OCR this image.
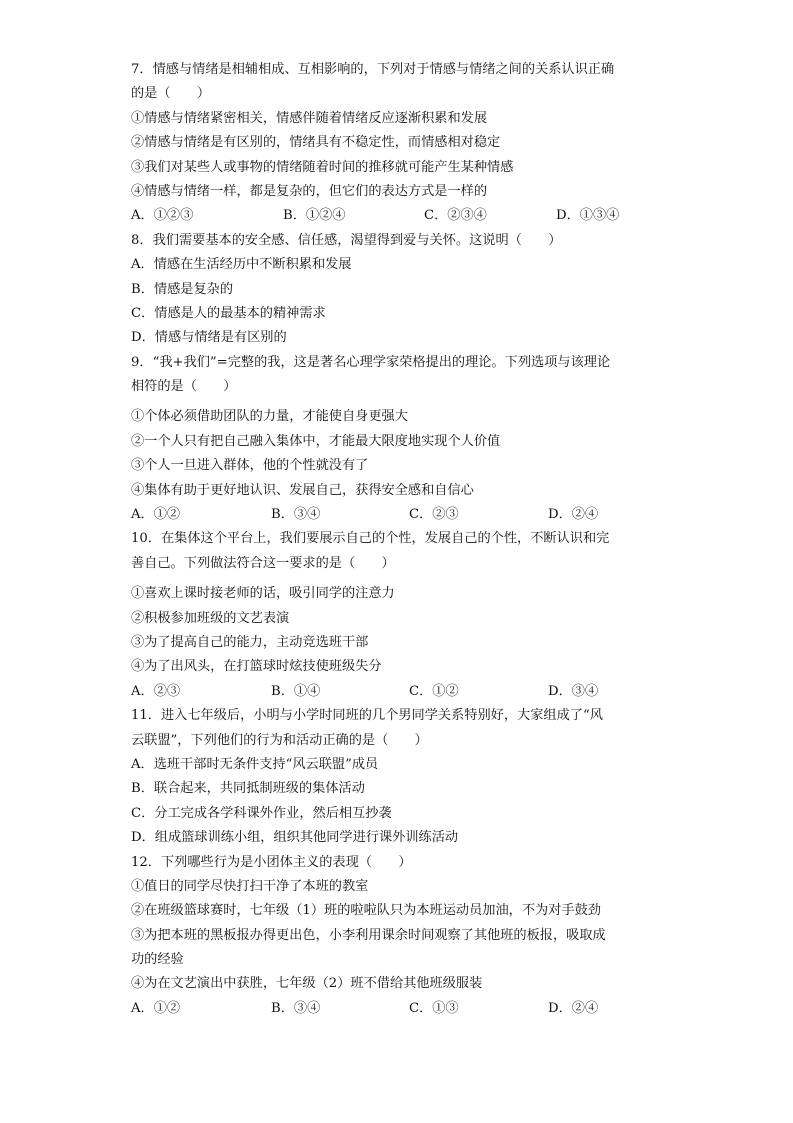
7．情感与情绪是相辅相成、互相影响的，下列对于情感与情绪之间的关系认识正确
的是（　　）
①情感与情绪紧密相关，情感伴随着情绪反应逐渐积累和发展
②情感与情绪是有区别的，情绪具有不稳定性，而情感相对稳定
③我们对某些人或事物的情绪随着时间的推移就可能产生某种情感
④情感与情绪一样，都是复杂的，但它们的表达方式是一样的
A．①②③	B．①②④	C．②③④	D．①③④
8．我们需要基本的安全感、信任感，渴望得到爱与关怀。这说明（　　）
A．情感在生活经历中不断积累和发展
B．情感是复杂的
C．情感是人的最基本的精神需求
D．情感与情绪是有区别的
9．“我+我们”=完整的我，这是著名心理学家荣格提出的理论。下列选项与该理论
相符的是（　　）
①个体必须借助团队的力量，才能使自身更强大
②一个人只有把自己融入集体中，才能最大限度地实现个人价值
③个人一旦进入群体，他的个性就没有了
④集体有助于更好地认识、发展自己，获得安全感和自信心
A．①②	B．③④	C．②③	D．②④
10．在集体这个平台上，我们要展示自己的个性，发展自己的个性，不断认识和完
善自己。下列做法符合这一要求的是（　　）
①喜欢上课时接老师的话，吸引同学的注意力
②积极参加班级的文艺表演
③为了提高自己的能力，主动竞选班干部
④为了出风头，在打篮球时炫技使班级失分
A．②③	B．①④	C．①②	D．③④
11．进入七年级后，小明与小学时同班的几个男同学关系特别好，大家组成了“风
云联盟”，下列他们的行为和活动正确的是（　　）
A．选班干部时无条件支持“风云联盟”成员
B．联合起来，共同抵制班级的集体活动
C．分工完成各学科课外作业，然后相互抄袭
D．组成篮球训练小组，组织其他同学进行课外训练活动
12．下列哪些行为是小团体主义的表现（　　）
①值日的同学尽快打扫干净了本班的教室
②在班级篮球赛时，七年级（1）班的啦啦队只为本班运动员加油，不为对手鼓劲
③为把本班的黑板报办得更出色，小李利用课余时间观察了其他班的板报，吸取成
功的经验
④为在文艺演出中获胜，七年级（2）班不借给其他班级服装
A．①②	B．③④	C．①③	D．②④
